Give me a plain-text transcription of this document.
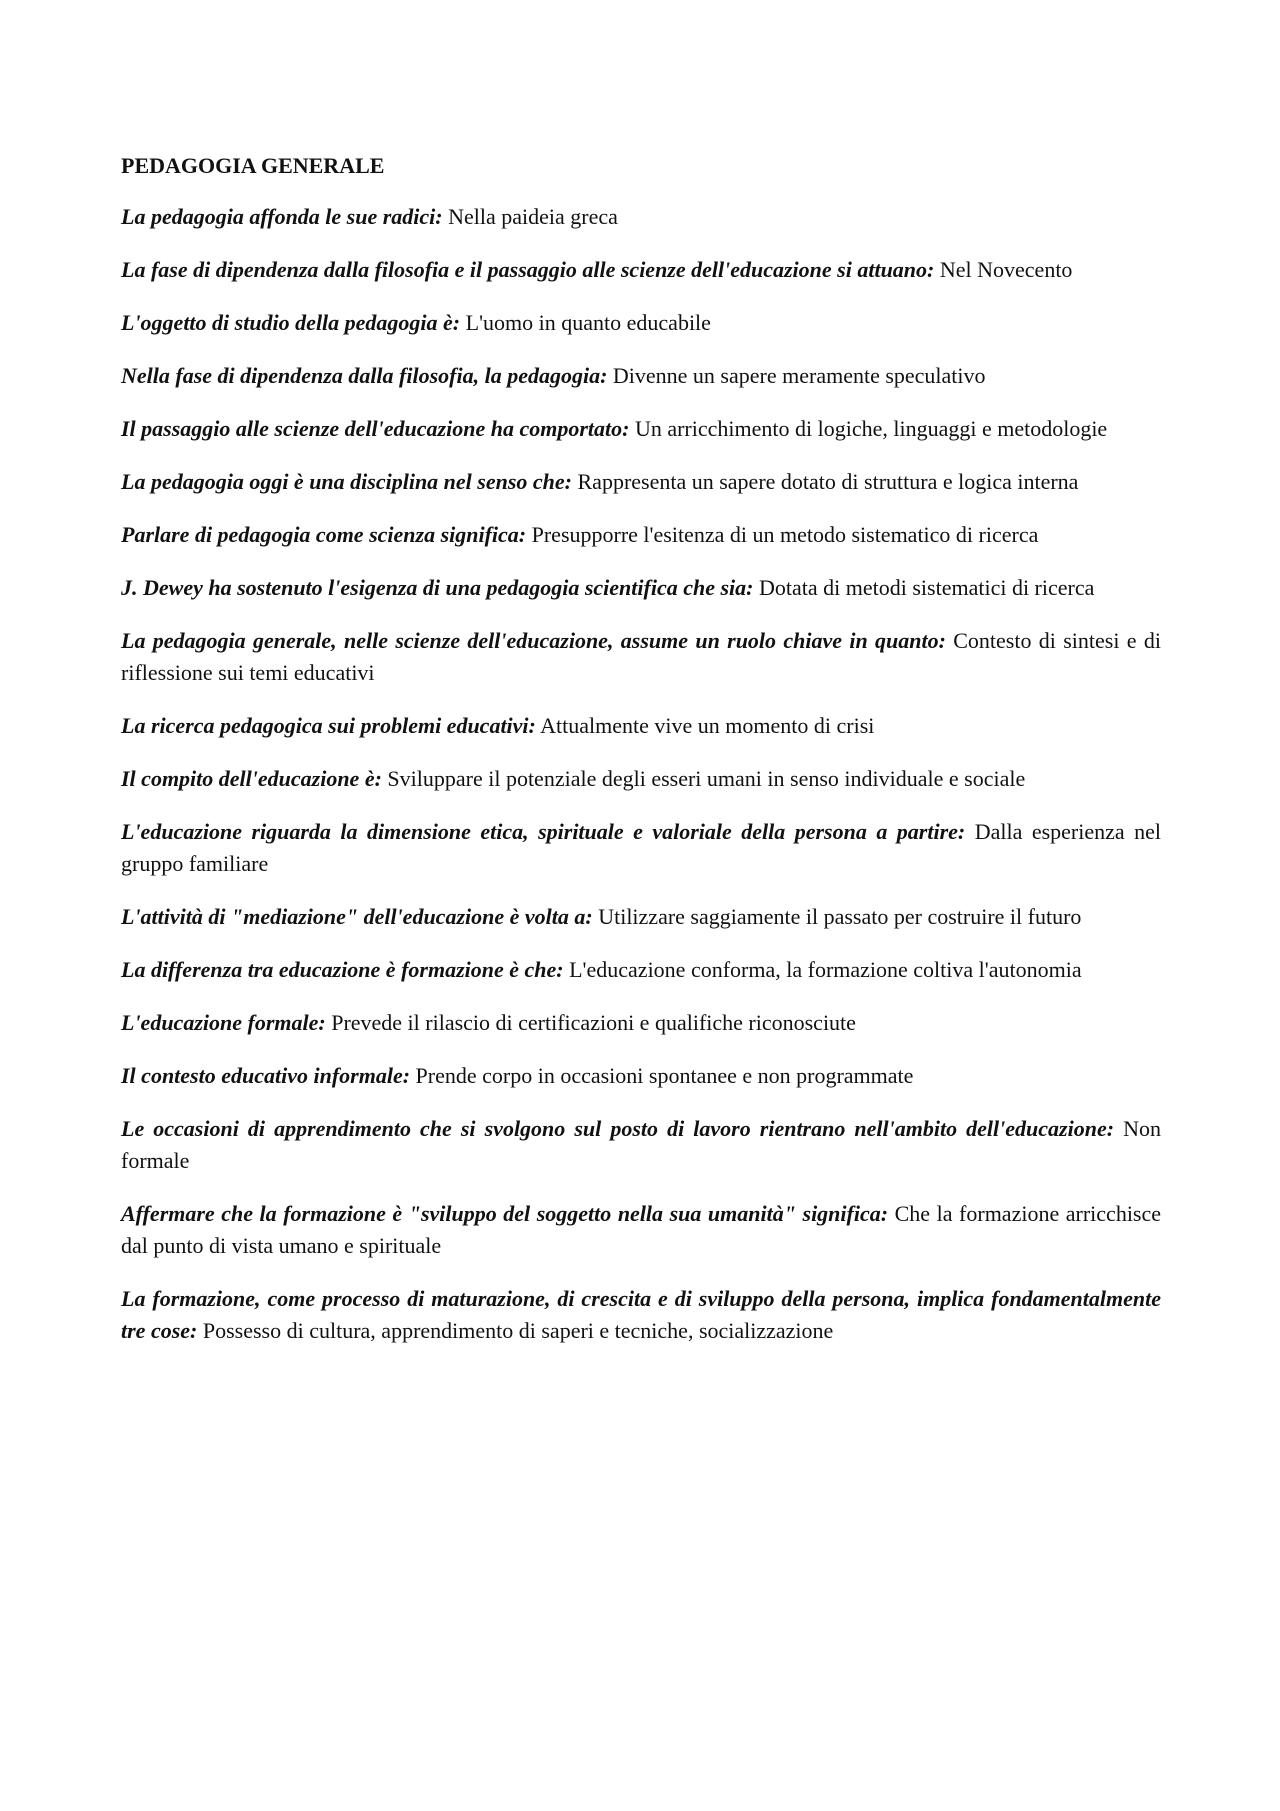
PEDAGOGIA GENERALE
La pedagogia affonda le sue radici: Nella paideia greca
La fase di dipendenza dalla filosofia e il passaggio alle scienze dell'educazione si attuano: Nel Novecento
L'oggetto di studio della pedagogia è: L'uomo in quanto educabile
Nella fase di dipendenza dalla filosofia, la pedagogia: Divenne un sapere meramente speculativo
Il passaggio alle scienze dell'educazione ha comportato: Un arricchimento di logiche, linguaggi e metodologie
La pedagogia oggi è una disciplina nel senso che: Rappresenta un sapere dotato di struttura e logica interna
Parlare di pedagogia come scienza significa: Presupporre l'esitenza di un metodo sistematico di ricerca
J. Dewey ha sostenuto l'esigenza di una pedagogia scientifica che sia: Dotata di metodi sistematici di ricerca
La pedagogia generale, nelle scienze dell'educazione, assume un ruolo chiave in quanto: Contesto di sintesi e di riflessione sui temi educativi
La ricerca pedagogica sui problemi educativi: Attualmente vive un momento di crisi
Il compito dell'educazione è: Sviluppare il potenziale degli esseri umani in senso individuale e sociale
L'educazione riguarda la dimensione etica, spirituale e valoriale della persona a partire: Dalla esperienza nel gruppo familiare
L'attività di "mediazione" dell'educazione è volta a: Utilizzare saggiamente il passato per costruire il futuro
La differenza tra educazione è formazione è che: L'educazione conforma, la formazione coltiva l'autonomia
L'educazione formale: Prevede il rilascio di certificazioni e qualifiche riconosciute
Il contesto educativo informale: Prende corpo in occasioni spontanee e non programmate
Le occasioni di apprendimento che si svolgono sul posto di lavoro rientrano nell'ambito dell'educazione: Non formale
Affermare che la formazione è "sviluppo del soggetto nella sua umanità" significa: Che la formazione arricchisce dal punto di vista umano e spirituale
La formazione, come processo di maturazione, di crescita e di sviluppo della persona, implica fondamentalmente tre cose: Possesso di cultura, apprendimento di saperi e tecniche, socializzazione
